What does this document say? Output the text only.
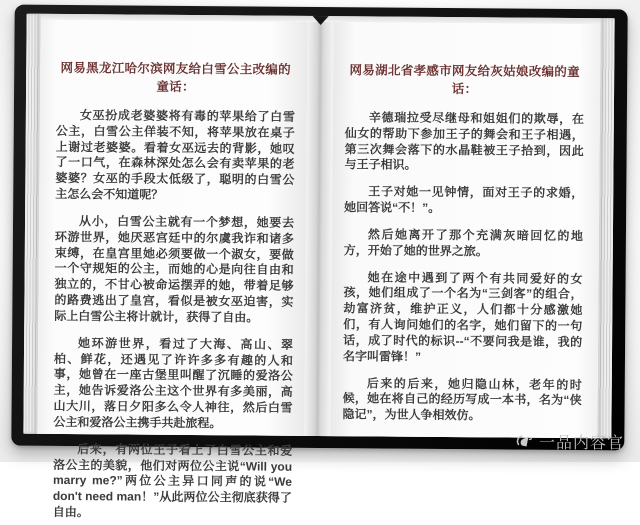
网易黑龙江哈尔滨网友给白雪公主改编的童话：

女巫扮成老婆婆将有毒的苹果给了白雪公主，白雪公主佯装不知，将苹果放在桌子上谢过老婆婆。看着女巫远去的背影，她叹了一口气，在森林深处怎么会有卖苹果的老婆婆？女巫的手段太低级了，聪明的白雪公主怎么会不知道呢？

从小，白雪公主就有一个梦想，她要去环游世界，她厌恶宫廷中的尔虞我诈和诸多束缚，在皇宫里她必须要做一个淑女，要做一个守规矩的公主，而她的心是向往自由和独立的，不甘心被命运摆弄的她，带着足够的路费逃出了皇宫，看似是被女巫迫害，实际上白雪公主将计就计，获得了自由。

她环游世界，看过了大海、高山、翠柏、鲜花，还遇见了许许多多有趣的人和事，她曾在一座古堡里叫醒了沉睡的爱洛公主，她告诉爱洛公主这个世界有多美丽，高山大川，落日夕阳多么令人神往，然后白雪公主和爱洛公主携手共赴旅程。

后来，有两位王子看上了白雪公主和爱洛公主的美貌，他们对两位公主说“Will you marry me?”两位公主异口同声的说“We don't need man！”从此两位公主彻底获得了自由。

网易湖北省孝感市网友给灰姑娘改编的童话：

辛德瑞拉受尽继母和姐姐们的欺辱，在仙女的帮助下参加王子的舞会和王子相遇，第三次舞会落下的水晶鞋被王子拾到，因此与王子相识。

王子对她一见钟情，面对王子的求婚，她回答说“不！”。

然后她离开了那个充满灰暗回忆的地方，开始了她的世界之旅。

她在途中遇到了两个有共同爱好的女孩，她们组成了一个名为“三剑客”的组合，劫富济贫，维护正义，人们都十分感激她们，有人询问她们的名字，她们留下的一句话，成了时代的标识--“不要问我是谁，我的名字叫雷锋！”

后来的后来，她归隐山林，老年的时候，她在将自己的经历写成一本书，名为“侠隐记”，为世人争相效仿。

一品内容官
